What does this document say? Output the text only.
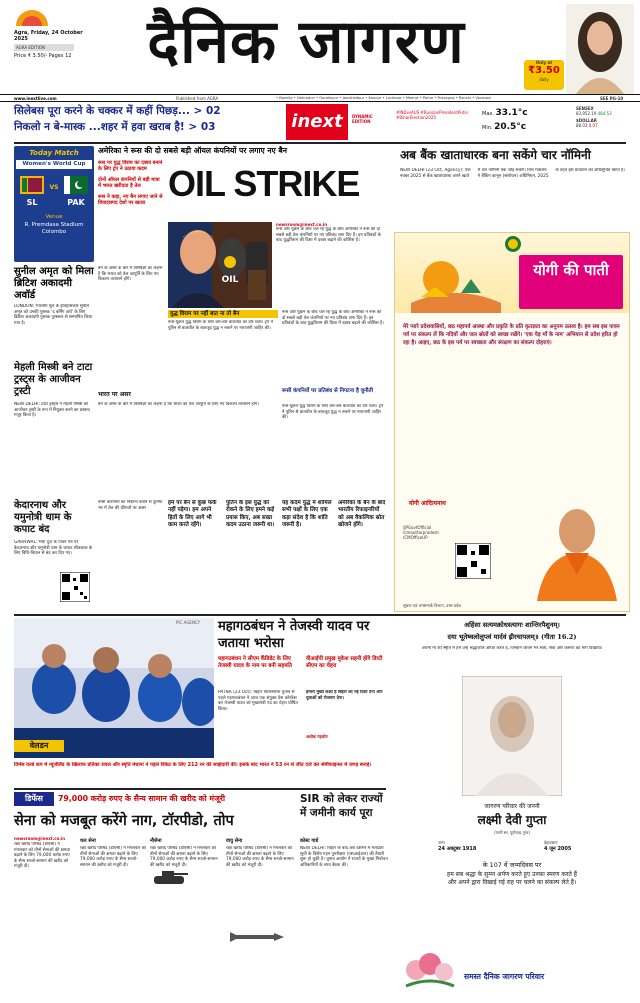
Agra, Friday, 24 October 2025
AGRA EDITION
Price ₹ 3.50/- Pages 12	दैनिक जागरण	Only at
₹3.50
daily
www.inextlive.com	Published from AGRA	• Bareilly • Dehradun • Gorakhpur • Jamshedpur • Kanpur • Lucknow • Meerut • Patna • Prayagraj • Ranchi • Varanasi	SEE PG-10
सिलेबस पूरा करने के चक्कर में कहीं पिछड़... > 02
निकलो न बे-मास्क ...शहर में हवा खराब है! > 03	inext	DYNAMIC EDITION
#INDvsAUS #RussianPresidentPutin #BiharElection2025
Max. 33.1°c
Min. 20.5°c
SENSEX
83,952.19 484.53
$DOLLAR
88.03 0.07
Today Match
Women's World Cup
SL
VS
PAK
Venue
R. Premdasa Stadium Colombo
सुनील अमृत को मिला ब्रिटिश अकादमी अवॉर्ड
LONDON: भारतीय मूल के इतिहासकार सुनील अमृत को उनकी पुस्तक 'द बर्निंग अर्थ' के लिए ब्रिटिश अकादमी पुस्तक पुरस्कार से सम्मानित किया गया है।
मेहली मिस्त्री बने टाटा ट्रस्ट्स के आजीवन ट्रस्टी
NEW DELHI: टाटा ट्रस्ट्स ने मेहली मिस्त्री को आजीवन ट्रस्टी के रूप में नियुक्त करने का प्रस्ताव मंजूर किया है।
केदारनाथ और यमुनोत्री धाम के कपाट बंद
GARHWAL: भैया दूज के पावन पर्व पर केदारनाथ और यमुनोत्री धाम के कपाट शीतकाल के लिए विधि-विधान से बंद कर दिए गए।
अमेरिका ने रूस की दो सबसे बड़ी ऑयल कंपनियों पर लगाए नए बैन
रूस पर युद्ध विराम का दबाव बनाने के लिए ट्रंप ने उठाया कदम
दोनों ऑयल कंपनियों से बड़ी मात्रा में भारत खरीदता है तेल
रूस ने कहा, नए बैन लगाए जाने से विवादास्पद देशों पर खतरा OIL STRIKE
OIL
newsroom@inext.co.in
रूस और यूक्रेन के बीच चल रहे युद्ध के बीच अमेरिका ने रूस की दो सबसे बड़ी तेल कंपनियों पर नए प्रतिबंध लगा दिए हैं। इन प्रतिबंधों के बाद युद्धविराम की दिशा में दबाव बढ़ाने की कोशिश है।
युद्ध विराम पर नहीं बात ना तो बैन
रूस-यूक्रेन युद्ध विराम के लिए बार-बार बातचीत का दौर चला। ट्रंप ने पुतिन से बातचीत के बावजूद युद्ध न रुकने पर नाराजगी जाहिर की।
बैन के असर के बारे में विशेषज्ञों का कहना है कि भारत को तेल आपूर्ति के लिए नए विकल्प तलाशने होंगे।
भारत पर असर
बैन के असर के बारे में विशेषज्ञों का कहना है कि भारत को तेल आपूर्ति के लिए नए विकल्प तलाशने होंगे।
रूस और यूक्रेन के बीच चल रहे युद्ध के बीच अमेरिका ने रूस की दो सबसे बड़ी तेल कंपनियों पर नए प्रतिबंध लगा दिए हैं। इन प्रतिबंधों के बाद युद्धविराम की दिशा में दबाव बढ़ाने की कोशिश है।
रूसी कंपनियों पर प्रतिबंध से निपटना है चुनौती
रूस-यूक्रेन युद्ध विराम के लिए बार-बार बातचीत का दौर चला। ट्रंप ने पुतिन से बातचीत के बावजूद युद्ध न रुकने पर नाराजगी जाहिर की।
हम पर बैन से कुछ फर्क नहीं पड़ेगा। हम अपने हितों के लिए आगे भी काम करते रहेंगे।
पुतिन के इस युद्ध को रोकने के लिए हमने कई प्रयास किए, अब सख्त कदम उठाना जरूरी था।
यह कदम युद्ध में शामिल सभी पक्षों के लिए एक कड़ा संदेश है कि शांति जरूरी है।
अमेरिका के बैन के बाद भारतीय रिफाइनरियों को अब वैकल्पिक स्रोत खोजने होंगे।
रूसी कंपनियों को निशाना बनाने से दुनिया भर में तेल की कीमतों पर असर
अब बैंक खाताधारक बना सकेंगे चार नॉमिनी
NEW DELHI (23 Oct, Agency): एक नवंबर 2025 से बैंक खाताधारक अपने खाते में चार नॉमिनी तक जोड़ सकेंगे। वित्त मंत्रालय ने बैंकिंग कानून (संशोधन) अधिनियम, 2025 के तहत इस प्रावधान को अधिसूचित किया है।
योगी की पाती
मेरे प्यारे प्रदेशवासियों, छठ महापर्व आस्था और प्रकृति के प्रति कृतज्ञता का अनुपम उत्सव है। हम सब इस पावन पर्व पर संकल्प लें कि नदियों और जल स्रोतों को स्वच्छ रखेंगे। 'एक पेड़ माँ के नाम' अभियान से प्रदेश हरित हो रहा है। आइए, छठ के इस पर्व पर स्वच्छता और संरक्षण का संकल्प दोहराएं।
योगी आदित्यनाथ
/JPGovtOfficial /cmouttarpradesh /CMOfficeUP
सूचना एवं जनसम्पर्क विभाग, उत्तर प्रदेश
PIC AGENCY
वेलडन
विमेंस वर्ल्ड कप में न्यूजीलैंड के खिलाफ प्रतिका रावल और स्मृति मंधाना ने पहले विकेट के लिए 212 रन की साझेदारी की। इसके बाद भारत ने 53 रन से जीत दर्ज कर सेमीफाइनल में जगह बनाई।
महागठबंधन ने तेजस्वी यादव पर जताया भरोसा
महागठबंधन ने सीएम कैंडिडेट के लिए तेजस्वी यादव के नाम पर बनी सहमति
वीआईपी प्रमुख मुकेश सहनी होंगे डिप्टी सीएम का चेहरा
PATNA (23 Oct): बिहार विधानसभा चुनाव से पहले महागठबंधन ने आज एक संयुक्त प्रेस कॉन्फ्रेंस कर तेजस्वी यादव को मुख्यमंत्री पद का चेहरा घोषित किया।
हमारा मुख्य लक्ष्य है बिहार को नई दिशा देना और युवाओं को रोजगार देना।
अशोक गहलोत
अहिंसा सत्यमक्रोधस्त्यागः शान्तिरपैशुनम्।
दया भूतेष्वलोलुप्त्वं मार्दवं ह्रीरचापलम्॥ (गीता 16.2)
अपनी माँ की स्मृति में हम उन्हें श्रद्धांजलि अर्पित करते हैं, जिन्होंने जीवन भर सत्य, सेवा और करुणा का मार्ग दिखाया।
जागरण परिवार की जननी
लक्ष्मी देवी गुप्ता
(पत्नी स्व. पूर्णचन्द्र गुप्त)
जन्म
24 अक्टूबर 1918
देहावसान
4 जून 2005
के 107 वें जन्मदिवस पर
हम सब श्रद्धा के सुमन अर्पण करते हुए उनका स्मरण करते हैं
और अपने द्वारा दिखाई गई राह पर चलने का संकल्प लेते हैं।
समस्त दैनिक जागरण परिवार
डिफेंस	79,000 करोड़ रुपए के सैन्य सामान की खरीद को मंजूरी
सेना को मजबूत करेंगे नाग, टॉरपीडो, तोप
newsroom@inext.co.in
रक्षा खरीद परिषद (डीएसी) ने मंगलवार को तीनों सेनाओं की क्षमता बढ़ाने के लिए 79,000 करोड़ रुपए के सैन्य साजो-सामान की खरीद को मंजूरी दी।
थल सेना
रक्षा खरीद परिषद (डीएसी) ने मंगलवार को तीनों सेनाओं की क्षमता बढ़ाने के लिए 79,000 करोड़ रुपए के सैन्य साजो-सामान की खरीद को मंजूरी दी।
नौसेना
रक्षा खरीद परिषद (डीएसी) ने मंगलवार को तीनों सेनाओं की क्षमता बढ़ाने के लिए 79,000 करोड़ रुपए के सैन्य साजो-सामान की खरीद को मंजूरी दी।
वायु सेना
रक्षा खरीद परिषद (डीएसी) ने मंगलवार को तीनों सेनाओं की क्षमता बढ़ाने के लिए 79,000 करोड़ रुपए के सैन्य साजो-सामान की खरीद को मंजूरी दी।
कोस्ट गार्ड
SIR को लेकर राज्यों में जमीनी कार्य पूरा
NEW DELHI: बिहार के बाद अब देशभर में मतदाता सूची के विशेष गहन पुनरीक्षण (एसआईआर) की तैयारी शुरू हो चुकी है। चुनाव आयोग ने राज्यों के मुख्य निर्वाचन अधिकारियों के साथ बैठक की।
